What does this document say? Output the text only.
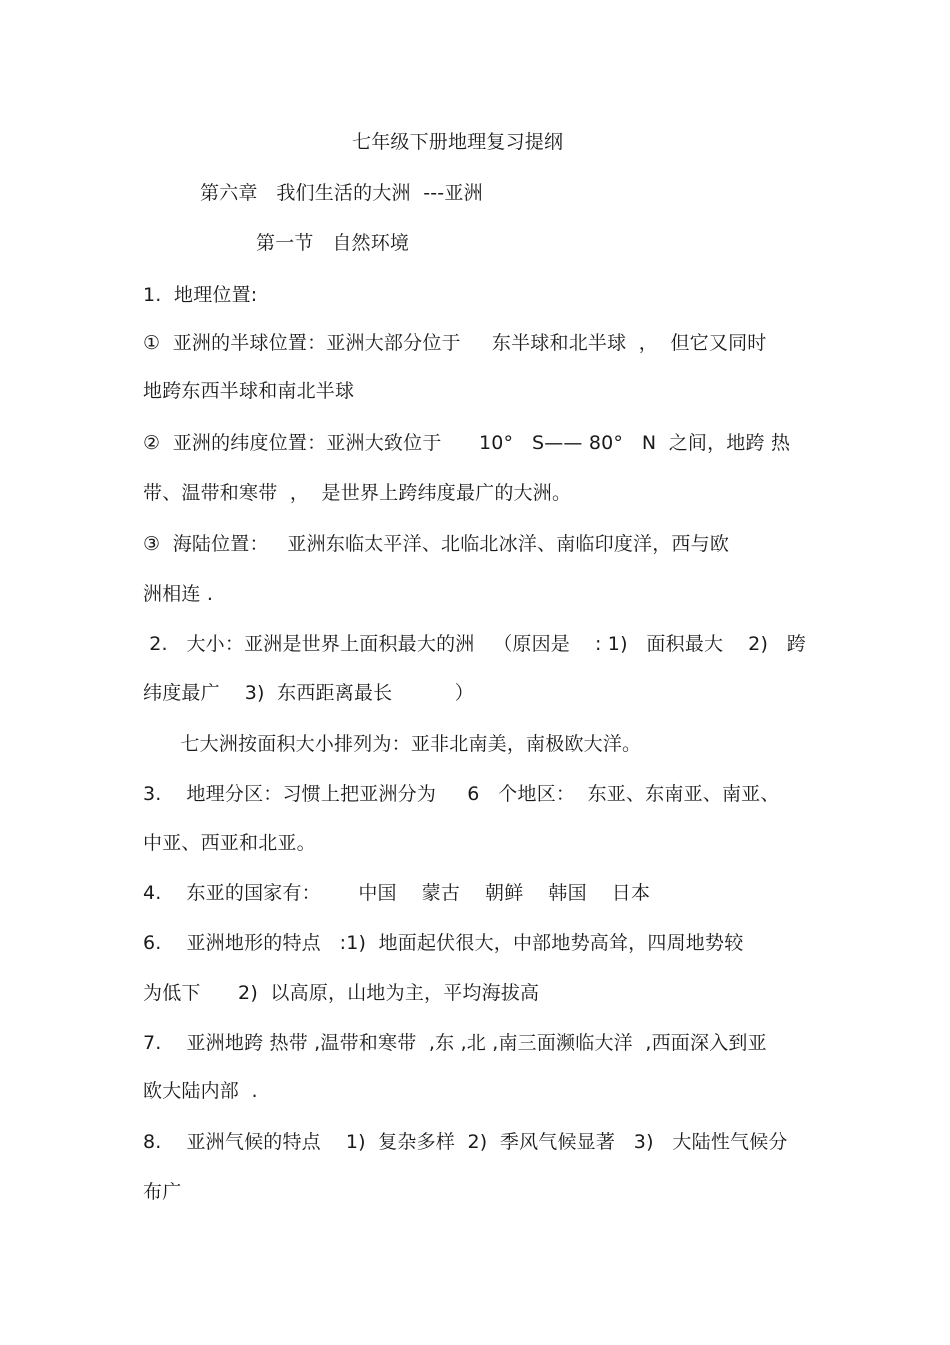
七年级下册地理复习提纲
第六章   我们生活的大洲  ---亚洲
第一节   自然环境
1.  地理位置:
①  亚洲的半球位置：亚洲大部分位于     东半球和北半球  ，  但它又同时
地跨东西半球和南北半球
②  亚洲的纬度位置：亚洲大致位于      10°   S—— 80°   N  之间，地跨 热
带、温带和寒带  ，  是世界上跨纬度最广的大洲。
③  海陆位置：   亚洲东临太平洋、北临北冰洋、南临印度洋，西与欧
洲相连 .
2.   大小：亚洲是世界上面积最大的洲   （原因是    : 1)   面积最大    2)   跨
纬度最广    3)  东西距离最长          ）
七大洲按面积大小排列为：亚非北南美，南极欧大洋。
3.    地理分区：习惯上把亚洲分为     6   个地区：  东亚、东南亚、南亚、
中亚、西亚和北亚。
4.    东亚的国家有：      中国    蒙古    朝鲜    韩国    日本
6.    亚洲地形的特点   :1)  地面起伏很大，中部地势高耸，四周地势较
为低下      2)  以高原，山地为主，平均海拔高
7.    亚洲地跨 热带 ,温带和寒带  ,东 ,北 ,南三面濒临大洋  ,西面深入到亚
欧大陆内部  .
8.    亚洲气候的特点    1)  复杂多样  2)  季风气候显著   3)   大陆性气候分
布广
